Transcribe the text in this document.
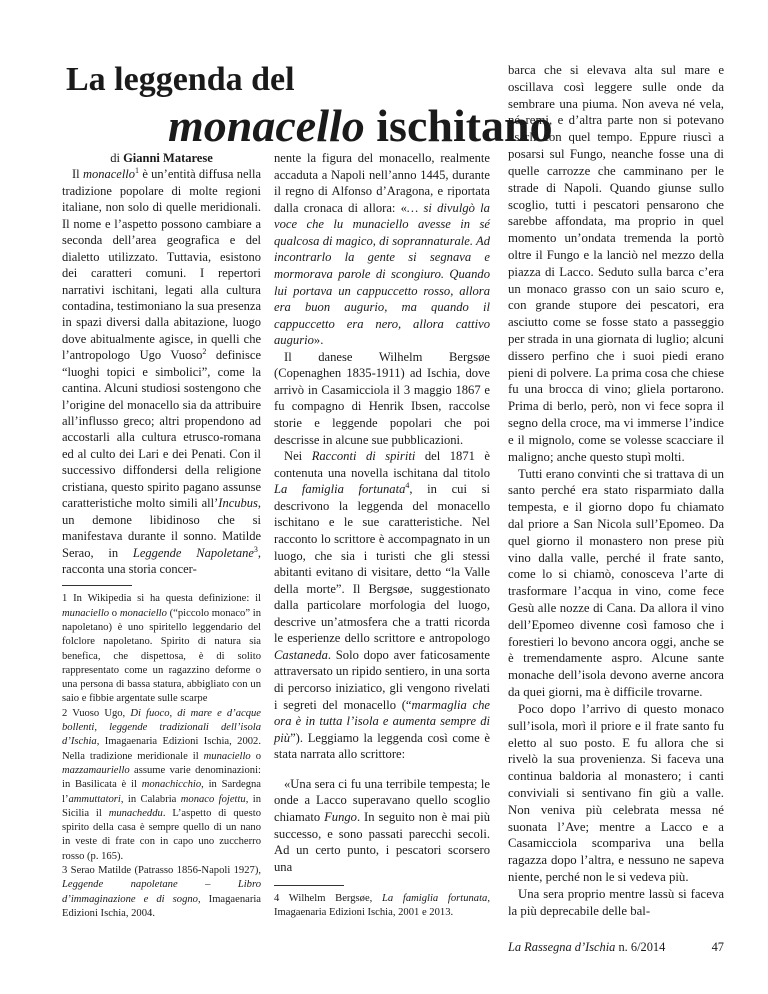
La leggenda del
monacello ischitano

di Gianni Matarese

Il monacello$^1$ è un’entità diffusa nella tradizione popolare di molte regioni italiane, non solo di quelle meridionali. Il nome e l’aspetto possono cambiare a seconda dell’area geografica e del dialetto utilizzato. Tuttavia, esistono dei caratteri comuni. I repertori narrativi ischitani, legati alla cultura contadina, testimoniano la sua presenza in spazi diversi dalla abitazione, luogo dove abitualmente agisce, in quelli che l’antropologo Ugo Vuoso$^2$ definisce “luoghi topici e simbolici”, come la cantina. Alcuni studiosi sostengono che l’origine del monacello sia da attribuire all’influsso greco; altri propendono ad accostarli alla cultura etrusco-romana ed al culto dei Lari e dei Penati. Con il successivo diffondersi della religione cristiana, questo spirito pagano assunse caratteristiche molto simili all’Incubus, un demone libidinoso che si manifestava durante il sonno. Matilde Serao, in Leggende Napoletane$^3$, racconta una storia concer-

1 In Wikipedia si ha questa definizione: il munaciello o monaciello (“piccolo monaco” in napoletano) è uno spiritello leggendario del folclore napoletano. Spirito di natura sia benefica, che dispettosa, è di solito rappresentato come un ragazzino deforme o una persona di bassa statura, abbigliato con un saio e fibbie argentate sulle scarpe

2 Vuoso Ugo, Di fuoco, di mare e d’acque bollenti, leggende tradizionali dell’isola d’Ischia, Imagaenaria Edizioni Ischia, 2002. Nella tradizione meridionale il munaciello o mazzamauriello assume varie denominazioni: in Basilicata è il monachicchio, in Sardegna l’ammuttatori, in Calabria monaco fojettu, in Sicilia il munacheddu. L’aspetto di questo spirito della casa è sempre quello di un nano in veste di frate con in capo uno zuccherro rosso (p. 165).

3 Serao Matilde (Patrasso 1856-Napoli 1927), Leggende napoletane – Libro d’immaginazione e di sogno, Imagaenaria Edizioni Ischia, 2004.

nente la figura del monacello, realmente accaduta a Napoli nell’anno 1445, durante il regno di Alfonso d’Aragona, e riportata dalla cronaca di allora: «… si divulgò la voce che lu munaciello avesse in sé qualcosa di magico, di soprannaturale. Ad incontrarlo la gente si segnava e mormorava parole di scongiuro. Quando lui portava un cappuccetto rosso, allora era buon augurio, ma quando il cappuccetto era nero, allora cattivo augurio».

Il danese Wilhelm Bergsøe (Copenaghen 1835-1911) ad Ischia, dove arrivò in Casamicciola il 3 maggio 1867 e fu compagno di Henrik Ibsen, raccolse storie e leggende popolari che poi descrisse in alcune sue pubblicazioni.

Nei Racconti di spiriti del 1871 è contenuta una novella ischitana dal titolo La famiglia fortunata$^4$, in cui si descrivono la leggenda del monacello ischitano e le sue caratteristiche. Nel racconto lo scrittore è accompagnato in un luogo, che sia i turisti che gli stessi abitanti evitano di visitare, detto “la Valle della morte”. Il Bergsøe, suggestionato dalla particolare morfologia del luogo, descrive un’atmosfera che a tratti ricorda le esperienze dello scrittore e antropologo Castaneda. Solo dopo aver faticosamente attraversato un ripido sentiero, in una sorta di percorso iniziatico, gli vengono rivelati i segreti del monacello (“marmaglia che ora è in tutta l’isola e aumenta sempre di più”). Leggiamo la leggenda così come è stata narrata allo scrittore:

«Una sera ci fu una terribile tempesta; le onde a Lacco superavano quello scoglio chiamato Fungo. In seguito non è mai più successo, e sono passati parecchi secoli. Ad un certo punto, i pescatori scorsero una

4 Wilhelm Bergsøe, La famiglia fortunata, Imagaenaria Edizioni Ischia, 2001 e 2013.

barca che si elevava alta sul mare e oscillava così leggere sulle onde da sembrare una piuma. Non aveva né vela, né remi, e d’altra parte non si potevano usarli con quel tempo. Eppure riuscì a posarsi sul Fungo, neanche fosse una di quelle carrozze che camminano per le strade di Napoli. Quando giunse sullo scoglio, tutti i pescatori pensarono che sarebbe affondata, ma proprio in quel momento un’ondata tremenda la portò oltre il Fungo e la lanciò nel mezzo della piazza di Lacco. Seduto sulla barca c’era un monaco grasso con un saio scuro e, con grande stupore dei pescatori, era asciutto come se fosse stato a passeggio per strada in una giornata di luglio; alcuni dissero perfino che i suoi piedi erano pieni di polvere. La prima cosa che chiese fu una brocca di vino; gliela portarono. Prima di berlo, però, non vi fece sopra il segno della croce, ma vi immerse l’indice e il mignolo, come se volesse scacciare il maligno; anche questo stupì molti.

Tutti erano convinti che si trattava di un santo perché era stato risparmiato dalla tempesta, e il giorno dopo fu chiamato dal priore a San Nicola sull’Epomeo. Da quel giorno il monastero non prese più vino dalla valle, perché il frate santo, come lo si chiamò, conosceva l’arte di trasformare l’acqua in vino, come fece Gesù alle nozze di Cana. Da allora il vino dell’Epomeo divenne così famoso che i forestieri lo bevono ancora oggi, anche se è tremendamente aspro. Alcune sante monache dell’isola devono averne ancora da quei giorni, ma è difficile trovarne.

Poco dopo l’arrivo di questo monaco sull’isola, morì il priore e il frate santo fu eletto al suo posto. E fu allora che si rivelò la sua provenienza. Si faceva una continua baldoria al monastero; i canti conviviali si sentivano fin giù a valle. Non veniva più celebrata messa né suonata l’Ave; mentre a Lacco e a Casamicciola scompariva una bella ragazza dopo l’altra, e nessuno ne sapeva niente, perché non le si vedeva più.

Una sera proprio mentre lassù si faceva la più deprecabile delle bal-

La Rassegna d’Ischia n. 6/2014	47
